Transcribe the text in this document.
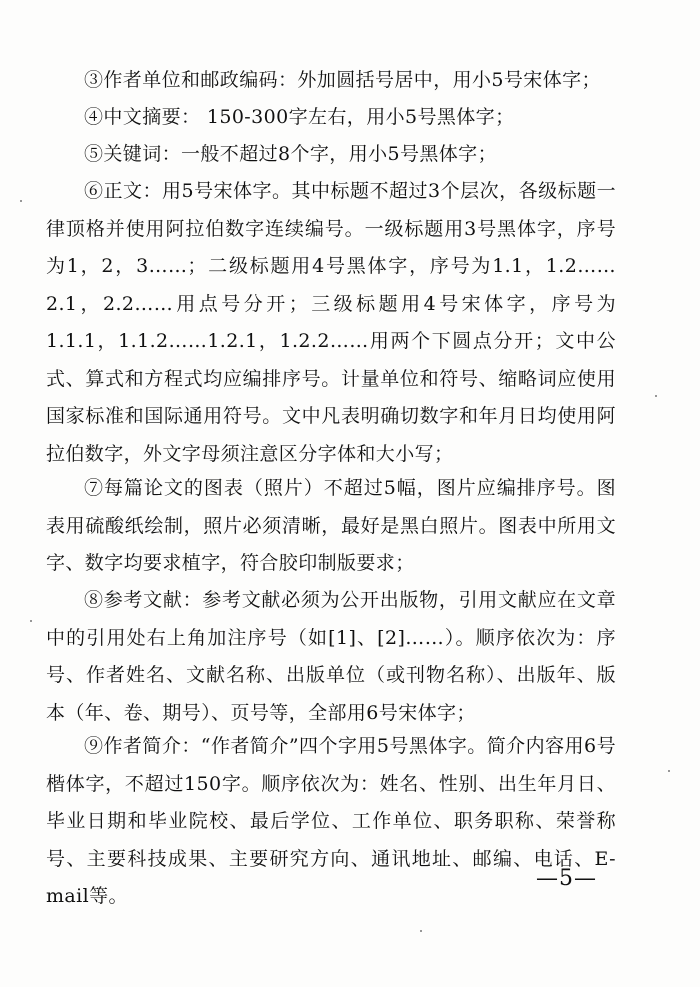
③作者单位和邮政编码：外加圆括号居中，用小5号宋体字；

④中文摘要： 150-300字左右，用小5号黑体字；

⑤关键词：一般不超过8个字，用小5号黑体字；

⑥正文：用5号宋体字。其中标题不超过3个层次，各级标题一律顶格并使用阿拉伯数字连续编号。一级标题用3号黑体字，序号为1，2，3……；二级标题用4号黑体字，序号为1.1，1.2……2.1，2.2……用点号分开；三级标题用4号宋体字，序号为1.1.1，1.1.2……1.2.1，1.2.2……用两个下圆点分开；文中公式、算式和方程式均应编排序号。计量单位和符号、缩略词应使用国家标准和国际通用符号。文中凡表明确切数字和年月日均使用阿拉伯数字，外文字母须注意区分字体和大小写；

⑦每篇论文的图表（照片）不超过5幅，图片应编排序号。图表用硫酸纸绘制，照片必须清晰，最好是黑白照片。图表中所用文字、数字均要求植字，符合胶印制版要求；

⑧参考文献：参考文献必须为公开出版物，引用文献应在文章中的引用处右上角加注序号（如[1]、[2]……）。顺序依次为：序号、作者姓名、文献名称、出版单位（或刊物名称）、出版年、版本（年、卷、期号）、页号等，全部用6号宋体字；

⑨作者简介：“作者简介”四个字用5号黑体字。简介内容用6号楷体字，不超过150字。顺序依次为：姓名、性别、出生年月日、毕业日期和毕业院校、最后学位、工作单位、职务职称、荣誉称号、主要科技成果、主要研究方向、通讯地址、邮编、电话、E-mail等。

—5—
